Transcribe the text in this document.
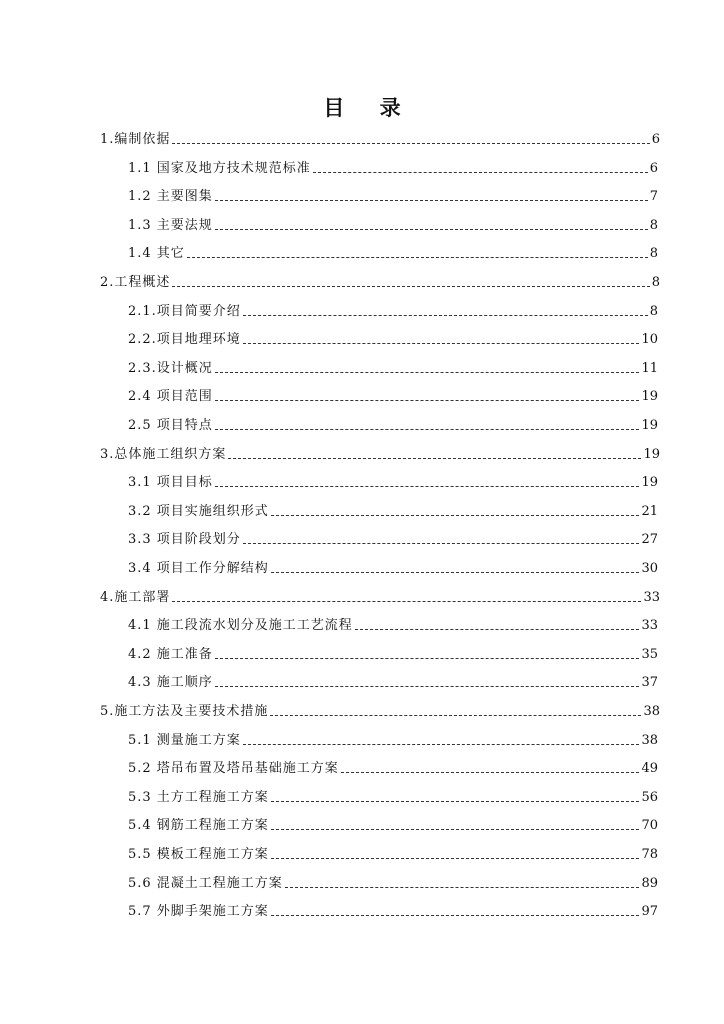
目 录
1.编制依据	6
1.1 国家及地方技术规范标准	6
1.2 主要图集	7
1.3 主要法规	8
1.4 其它	8
2.工程概述	8
2.1.项目简要介绍	8
2.2.项目地理环境	10
2.3.设计概况	11
2.4 项目范围	19
2.5 项目特点	19
3.总体施工组织方案	19
3.1 项目目标	19
3.2 项目实施组织形式	21
3.3 项目阶段划分	27
3.4 项目工作分解结构	30
4.施工部署	33
4.1 施工段流水划分及施工工艺流程	33
4.2 施工准备	35
4.3 施工顺序	37
5.施工方法及主要技术措施	38
5.1 测量施工方案	38
5.2 塔吊布置及塔吊基础施工方案	49
5.3 土方工程施工方案	56
5.4 钢筋工程施工方案	70
5.5 模板工程施工方案	78
5.6 混凝土工程施工方案	89
5.7 外脚手架施工方案	97
